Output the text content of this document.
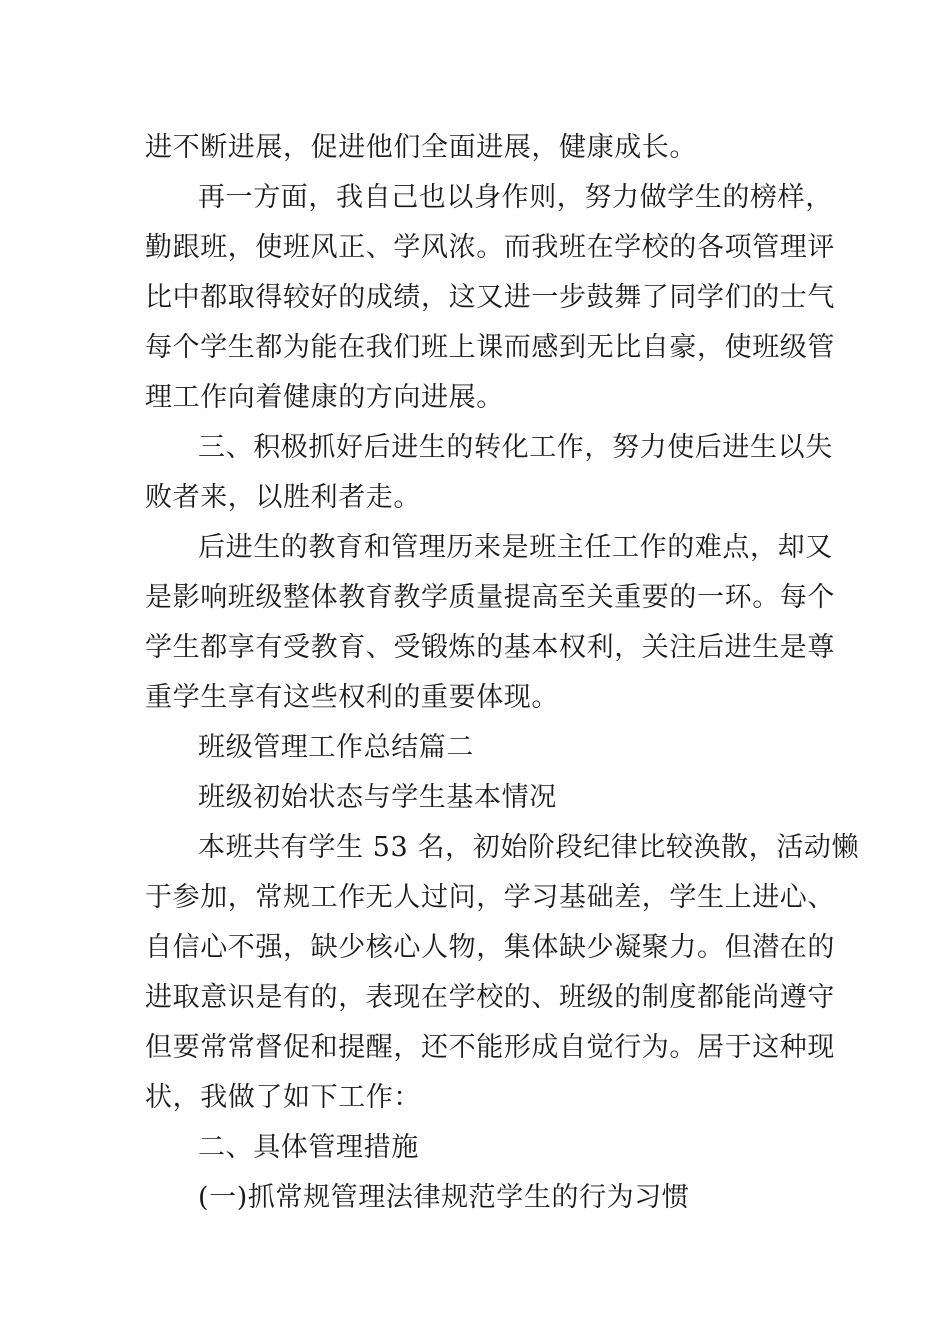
进不断进展，促进他们全面进展，健康成长。
再一方面，我自己也以身作则，努力做学生的榜样，
勤跟班，使班风正、学风浓。而我班在学校的各项管理评
比中都取得较好的成绩，这又进一步鼓舞了同学们的士气
每个学生都为能在我们班上课而感到无比自豪，使班级管
理工作向着健康的方向进展。
三、积极抓好后进生的转化工作，努力使后进生以失
败者来，以胜利者走。
后进生的教育和管理历来是班主任工作的难点，却又
是影响班级整体教育教学质量提高至关重要的一环。每个
学生都享有受教育、受锻炼的基本权利，关注后进生是尊
重学生享有这些权利的重要体现。
班级管理工作总结篇二
班级初始状态与学生基本情况
本班共有学生 53 名，初始阶段纪律比较涣散，活动懒
于参加，常规工作无人过问，学习基础差，学生上进心、
自信心不强，缺少核心人物，集体缺少凝聚力。但潜在的
进取意识是有的，表现在学校的、班级的制度都能尚遵守
但要常常督促和提醒，还不能形成自觉行为。居于这种现
状，我做了如下工作：
二、具体管理措施
(一)抓常规管理法律规范学生的行为习惯
